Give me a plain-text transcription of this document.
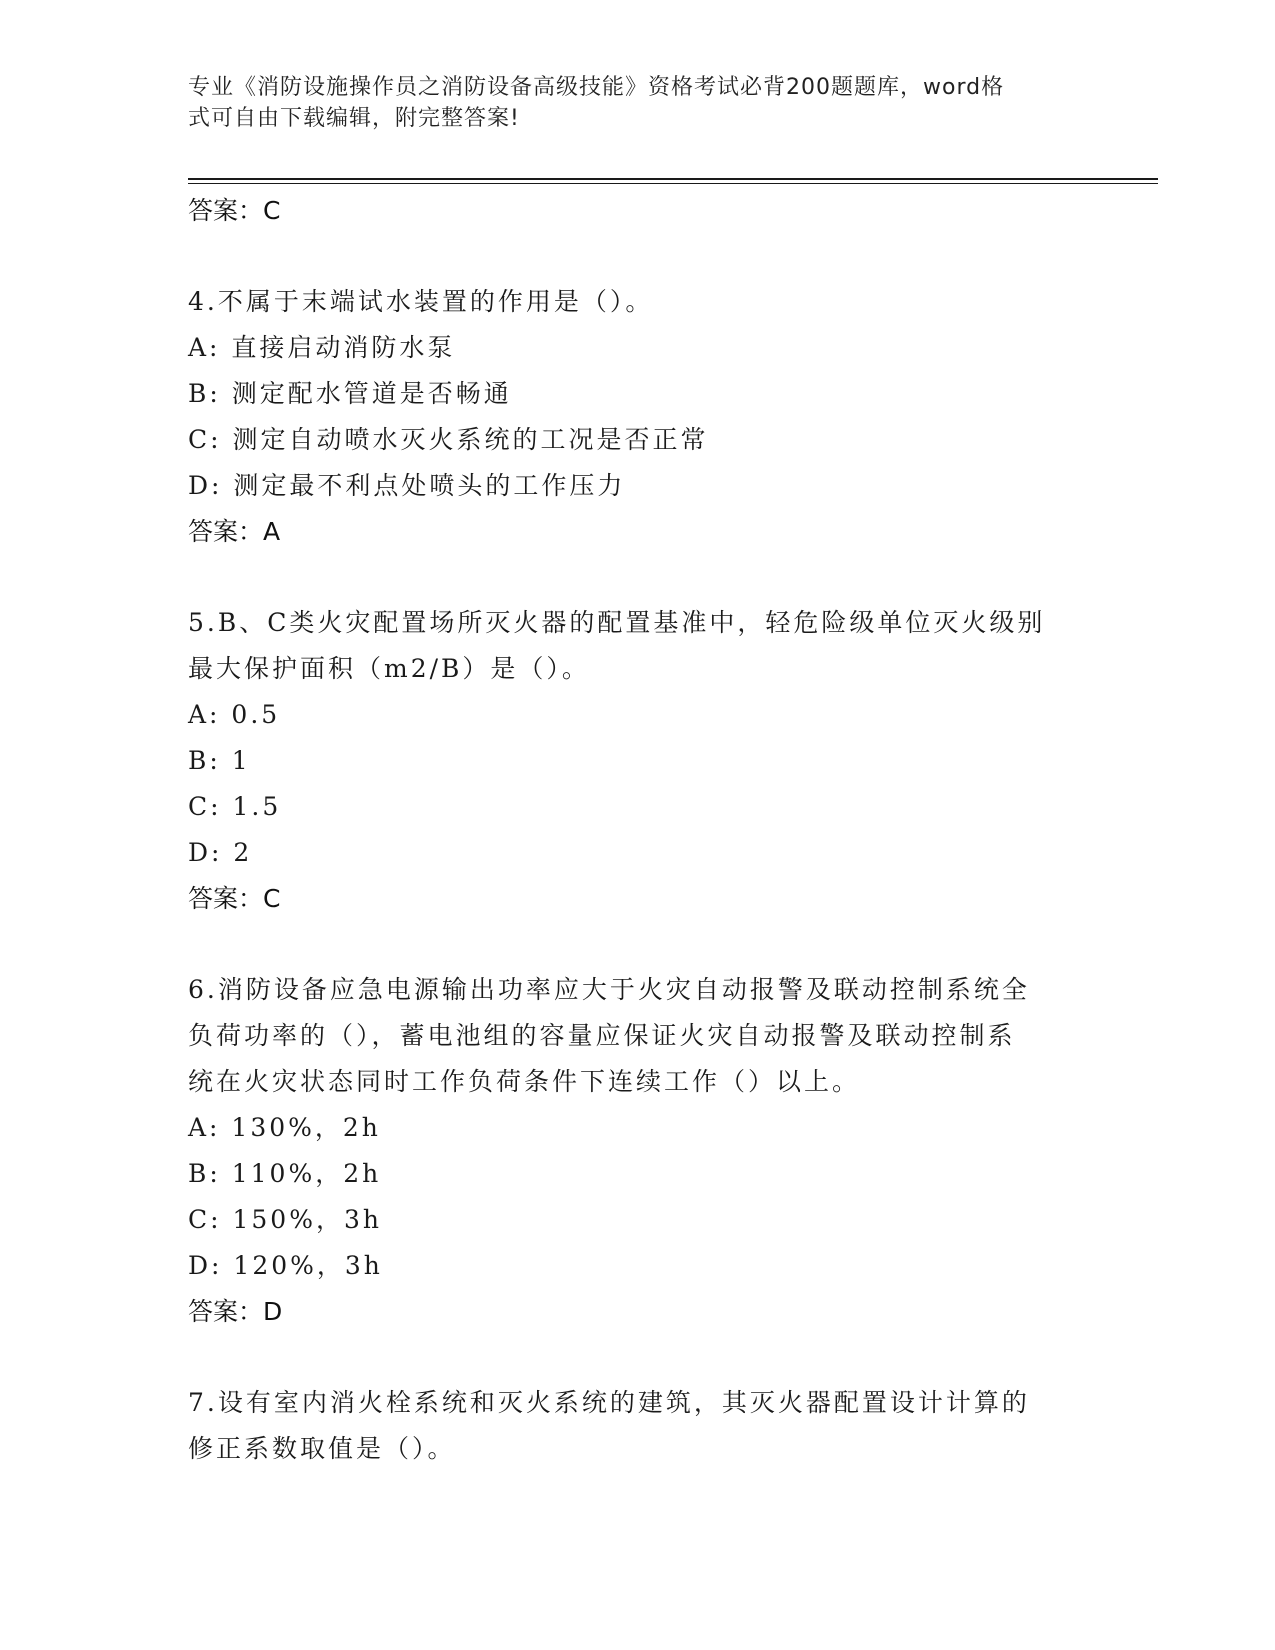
专业《消防设施操作员之消防设备高级技能》资格考试必背200题题库，word格
式可自由下载编辑，附完整答案!

答案：C

4.不属于末端试水装置的作用是（）。

A: 直接启动消防水泵

B: 测定配水管道是否畅通

C: 测定自动喷水灭火系统的工况是否正常

D: 测定最不利点处喷头的工作压力

答案：A

5.B、C类火灾配置场所灭火器的配置基准中，轻危险级单位灭火级别

最大保护面积（m2/B）是（）。

A: 0.5

B: 1

C: 1.5

D: 2

答案：C

6.消防设备应急电源输出功率应大于火灾自动报警及联动控制系统全

负荷功率的（），蓄电池组的容量应保证火灾自动报警及联动控制系

统在火灾状态同时工作负荷条件下连续工作（）以上。

A: 130%，2h

B: 110%，2h

C: 150%，3h

D: 120%，3h

答案：D

7.设有室内消火栓系统和灭火系统的建筑，其灭火器配置设计计算的

修正系数取值是（）。
